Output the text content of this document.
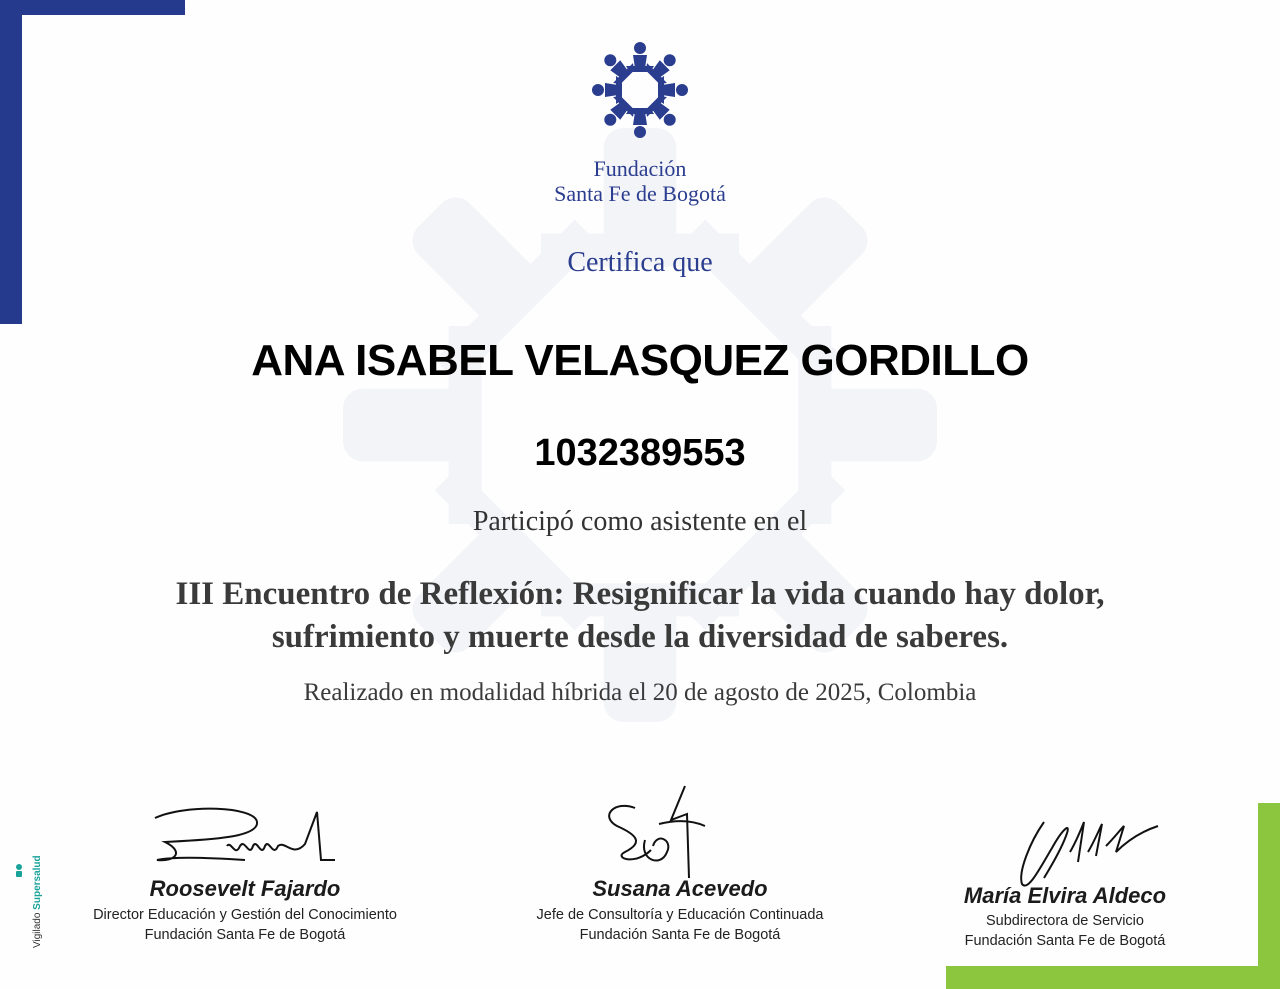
Fundación
Santa Fe de Bogotá
Certifica que
ANA ISABEL VELASQUEZ GORDILLO
1032389553
Participó como asistente en el
III Encuentro de Reflexión: Resignificar la vida cuando hay dolor,
sufrimiento y muerte desde la diversidad de saberes.
Realizado en modalidad híbrida el 20 de agosto de 2025, Colombia
Roosevelt Fajardo
Director Educación y Gestión del Conocimiento
Fundación Santa Fe de Bogotá
Susana Acevedo
Jefe de Consultoría y Educación Continuada
Fundación Santa Fe de Bogotá
María Elvira Aldeco
Subdirectora de Servicio
Fundación Santa Fe de Bogotá
Vigilado Supersalud
